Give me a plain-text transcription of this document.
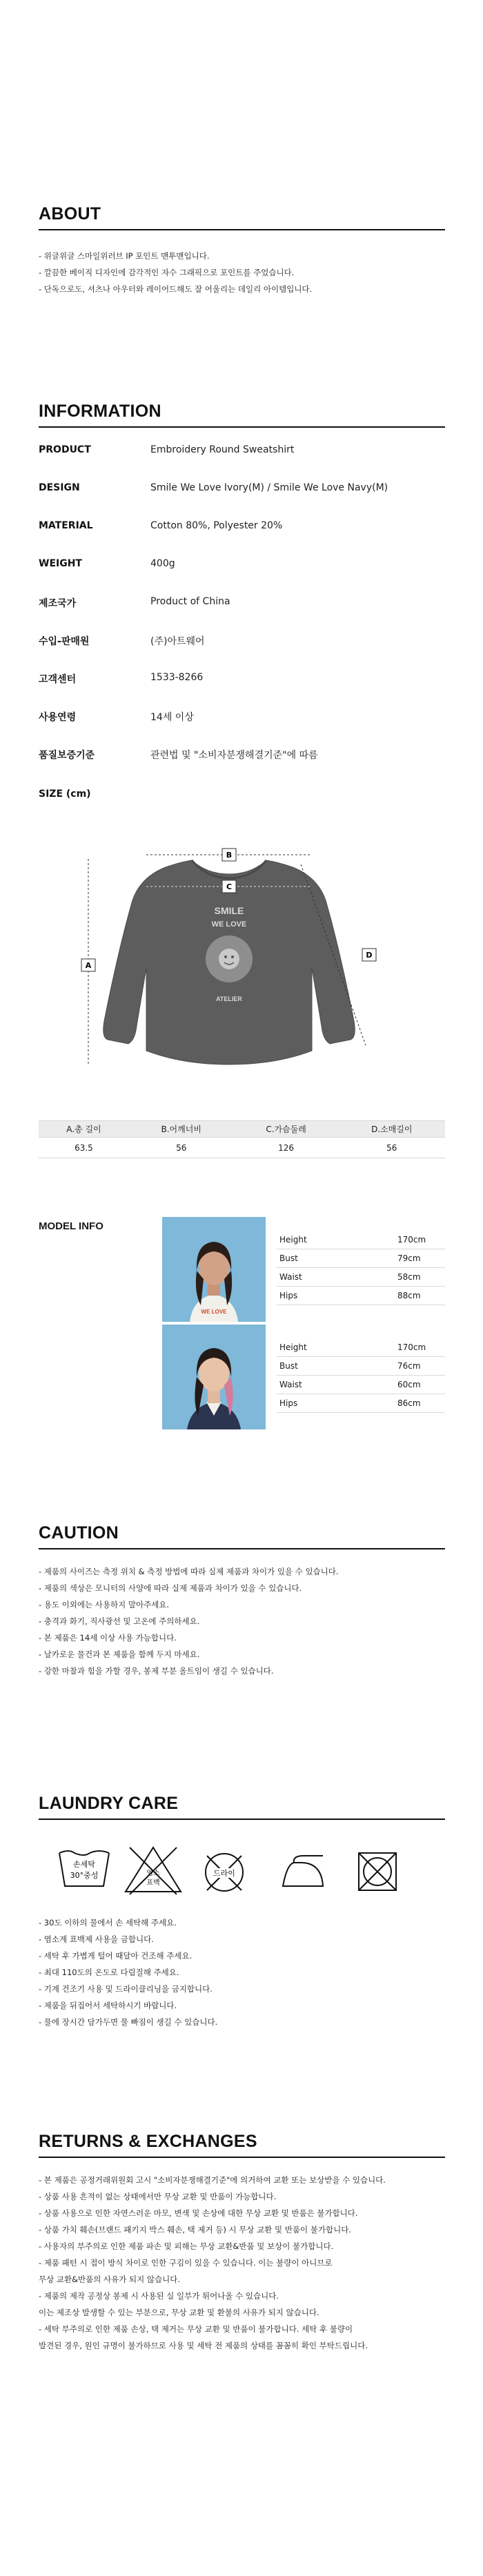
ABOUT
- 위글위글 스마일위러브 IP 포인트 맨투맨입니다.
- 깔끔한 베이직 디자인에 감각적인 자수 그래픽으로 포인트를 주었습니다.
- 단독으로도, 셔츠나 아우터와 레이어드해도 잘 어울리는 데일리 아이템입니다.
INFORMATION
PRODUCT	Embroidery Round Sweatshirt
DESIGN	Smile We Love Ivory(M) / Smile We Love Navy(M)
MATERIAL	Cotton 80%, Polyester 20%
WEIGHT	400g
제조국가	Product of China
수입-판매원	(주)아트웨어
고객센터	1533-8266
사용연령	14세 이상
품질보증기준	관련법 및 "소비자분쟁해결기준"에 따름
SIZE (cm)
SMILE
WE LOVE
ATELIER
A
B
C
D
A.총 길이	B.어깨너비	C.가슴둘레	D.소매길이
63.5	56	126	56
MODEL INFO
WE LOVE
Height	170cm
Bust	79cm
Waist	58cm
Hips	88cm
Height	170cm
Bust	76cm
Waist	60cm
Hips	86cm
CAUTION
- 제품의 사이즈는 측정 위치 & 측정 방법에 따라 실제 제품과 차이가 있을 수 있습니다.
- 제품의 색상은 모니터의 사양에 따라 실제 제품과 차이가 있을 수 있습니다.
- 용도 이외에는 사용하지 말아주세요.
- 충격과 화기, 직사광선 및 고온에 주의하세요.
- 본 제품은 14세 이상 사용 가능합니다.
- 날카로운 물건과 본 제품을 함께 두지 마세요.
- 강한 마찰과 힘을 가할 경우, 봉제 부분 올트임이 생길 수 있습니다.
LAUNDRY CARE
손세탁
30°중성	염소
표백
드라이
- 30도 이하의 물에서 손 세탁해 주세요.
- 염소계 표백제 사용을 금합니다.
- 세탁 후 가볍게 털어 때달아 건조해 주세요.
- 최대 110도의 온도로 다림질해 주세요.
- 기계 건조기 사용 및 드라이클리닝을 금지합니다.
- 제품을 뒤집어서 세탁하시기 바랍니다.
- 물에 장시간 담가두면 물 빠짐이 생길 수 있습니다.
RETURNS & EXCHANGES
- 본 제품은 공정거래위원회 고시 "소비자분쟁해결기준"에 의거하여 교환 또는 보상받을 수 있습니다.
- 상품 사용 흔적이 없는 상태에서만 무상 교환 및 반품이 가능합니다.
- 상품 사용으로 인한 자연스러운 마모, 변색 및 손상에 대한 무상 교환 및 반품은 불가합니다.
- 상품 가치 훼손(브랜드 패키지 박스 훼손, 택 제거 등) 시 무상 교환 및 반품이 불가합니다.
- 사용자의 부주의로 인한 제품 파손 및 피해는 무상 교환&반품 및 보상이 불가합니다.
- 제품 패턴 시 접이 방식 차이로 인한 구김이 있을 수 있습니다. 이는 불량이 아니므로
무상 교환&반품의 사유가 되지 않습니다.
- 제품의 제작 공정상 봉제 시 사용된 실 일부가 튀어나올 수 있습니다.
이는 제조상 발생할 수 있는 부분으로, 무상 교환 및 환불의 사유가 되지 않습니다.
- 세탁 부주의로 인한 제품 손상, 택 제거는 무상 교환 및 반품이 불가합니다. 세탁 후 불량이
발견된 경우, 원인 규명이 불가하므로 사용 및 세탁 전 제품의 상태를 꼼꼼히 확인 부탁드립니다.
